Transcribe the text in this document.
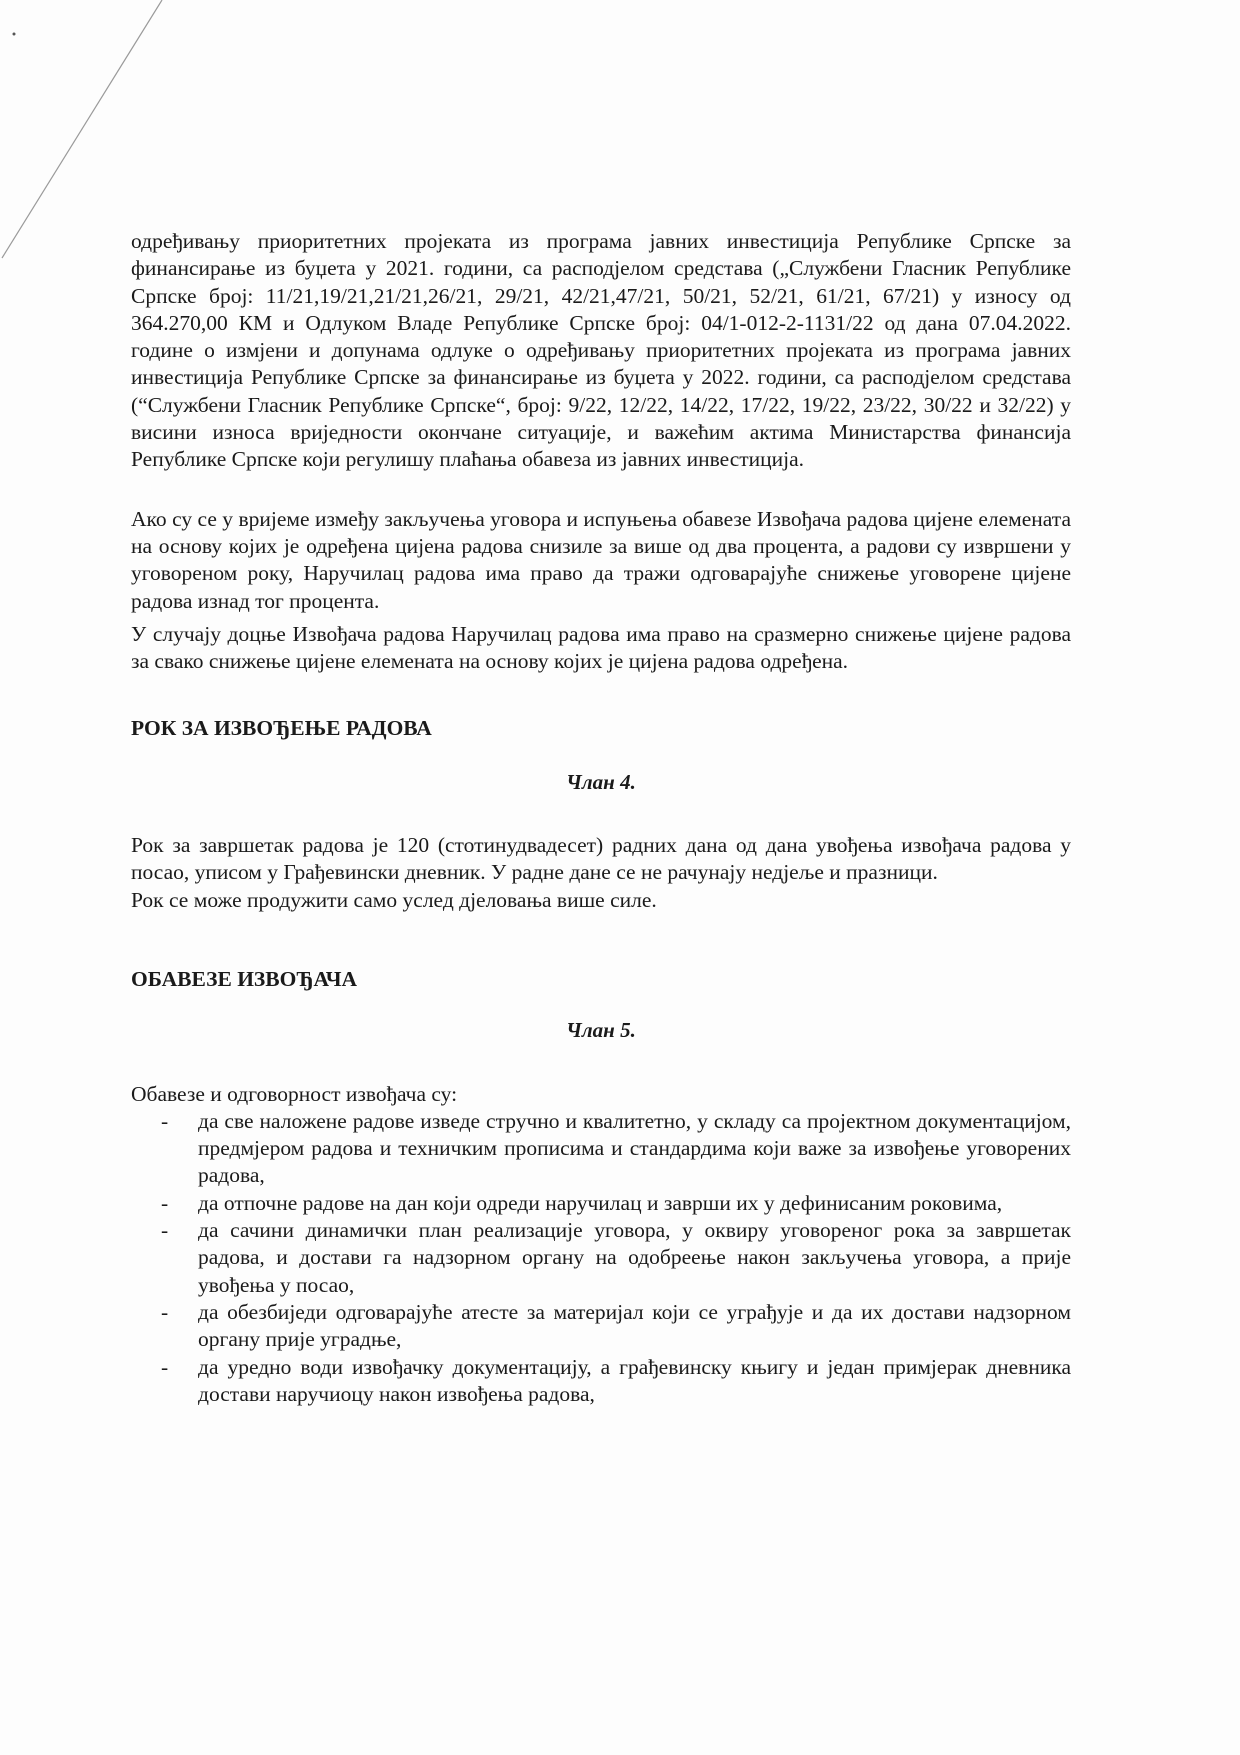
одређивању приоритетних пројеката из програма јавних инвестиција Републике Српске за финансирање из буџета у 2021. години, са расподјелом средстава („Службени Гласник Републике Српске број: 11/21,19/21,21/21,26/21, 29/21, 42/21,47/21, 50/21, 52/21, 61/21, 67/21) у износу од 364.270,00 КМ и Одлуком Владе Републике Српске број: 04/1-012-2-1131/22 од дана 07.04.2022. године о измјени и допунама одлуке о одређивању приоритетних пројеката из програма јавних инвестиција Републике Српске за финансирање из буџета у 2022. години, са расподјелом средстава (“Службени Гласник Републике Српске“, број: 9/22, 12/22, 14/22, 17/22, 19/22, 23/22, 30/22 и 32/22) у висини износа вриједности окончане ситуације, и важећим актима Министарства финансија Републике Српске који регулишу плаћања обавеза из јавних инвестиција.

Ако су се у вријеме између закључења уговора и испуњења обавезе Извођача радова цијене елемената на основу којих је одређена цијена радова снизиле за више од два процента, а радови су извршени у уговореном року, Наручилац радова има право да тражи одговарајуће снижење уговорене цијене радова изнад тог процента.

У случају доцње Извођача радова Наручилац радова има право на сразмерно снижење цијене радова за свако снижење цијене елемената на основу којих је цијена радова одређена.

РОК ЗА ИЗВОЂЕЊЕ РАДОВА

Члан 4.

Рок за завршетак радова је 120 (стотинудвадесет) радних дана од дана увођења извођача радова у посао, уписом у Грађевински дневник. У радне дане се не рачунају недјеље и празници.

Рок се може продужити само услед дјеловања више силе.

ОБАВЕЗЕ ИЗВОЂАЧА

Члан 5.

Обавезе и одговорност извођача су:

- да све наложене радове изведе стручно и квалитетно, у складу са пројектном документацијом, предмјером радова и техничким прописима и стандардима који важе за извођење уговорених радова,
- да отпочне радове на дан који одреди наручилац и заврши их у дефинисаним роковима,
- да сачини динамички план реализације уговора, у оквиру уговореног рока за завршетак радова, и достави га надзорном органу на одобреење након закључења уговора, а прије увођења у посао,
- да обезбиједи одговарајуће атесте за материјал који се уграђује и да их достави надзорном органу прије уградње,
- да уредно води извођачку документацију, а грађевинску књигу и један примјерак дневника достави наручиоцу након извођења радова,
